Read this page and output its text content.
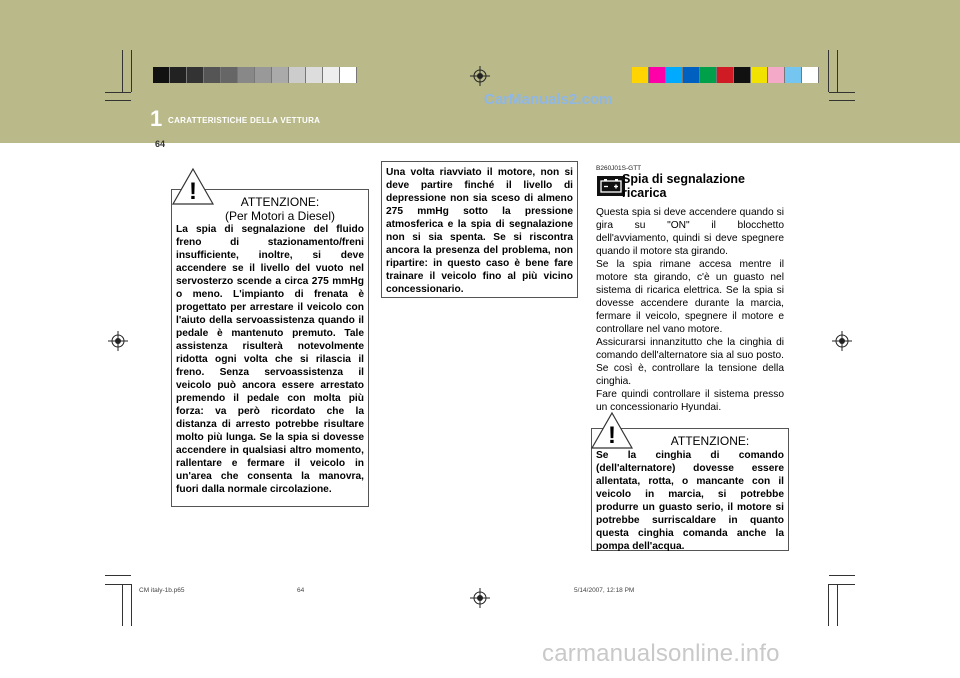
CarManuals2.com
1 CARATTERISTICHE DELLA VETTURA
64

ATTENZIONE:

(Per Motori a Diesel)

La spia di segnalazione del fluido freno di stazionamento/freni insufficiente, inoltre, si deve accendere se il livello del vuoto nel servosterzo scende a circa 275 mmHg o meno. L'impianto di frenata è progettato per arrestare il veicolo con l'aiuto della servoassistenza quando il pedale è mantenuto premuto. Tale assistenza risulterà notevolmente ridotta ogni volta che si rilascia il freno. Senza servoassistenza il veicolo può ancora essere arrestato premendo il pedale con molta più forza: va però ricordato che la distanza di arresto potrebbe risultare molto più lunga. Se la spia si dovesse accendere in qualsiasi altro momento, rallentare e fermare il veicolo in un'area che consenta la manovra, fuori dalla normale circolazione.

!

Una volta riavviato il motore, non si deve partire finché il livello di depressione non sia sceso di almeno 275 mmHg sotto la pressione atmosferica e la spia di segnalazione non si sia spenta. Se si riscontra ancora la presenza del problema, non ripartire: in questo caso è bene fare trainare il veicolo fino al più vicino concessionario.

B260J01S-GTT
Spia di segnalazione ricarica

Questa spia si deve accendere quando si gira su "ON" il blocchetto dell'avviamento, quindi si deve spegnere quando il motore sta girando.

Se la spia rimane accesa mentre il motore sta girando, c'è un guasto nel sistema di ricarica elettrica. Se la spia si dovesse accendere durante la marcia, fermare il veicolo, spegnere il motore e controllare nel vano motore.

Assicurarsi innanzitutto che la cinghia di comando dell'alternatore sia al suo posto. Se così è, controllare la tensione della cinghia.

Fare quindi controllare il sistema presso un concessionario Hyundai.

ATTENZIONE:

Se la cinghia di comando (dell'alternatore) dovesse essere allentata, rotta, o mancante con il veicolo in marcia, si potrebbe produrre un guasto serio, il motore si potrebbe surriscaldare in quanto questa cinghia comanda anche la pompa dell'acqua.

!
CM italy-1b.p65	64	5/14/2007, 12:18 PM
carmanualsonline.info
